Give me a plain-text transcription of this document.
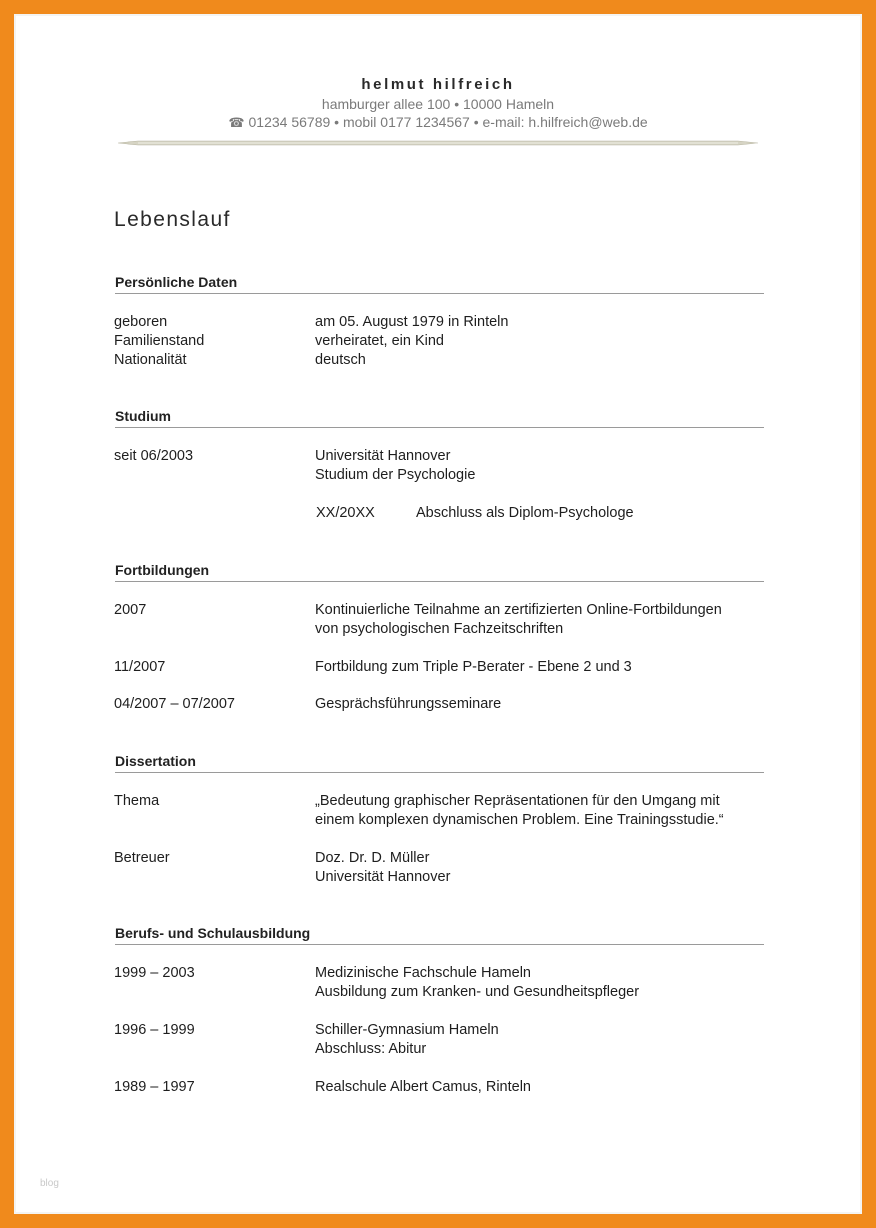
helmut hilfreich

hamburger allee 100 • 10000 Hameln
☎ 01234 56789 • mobil 0177 1234567 • e-mail: h.hilfreich@web.de
Lebenslauf
Persönliche Daten
geboren	am 05. August 1979 in Rinteln
Familienstand	verheiratet, ein Kind
Nationalität	deutsch
Studium
seit 06/2003	Universität Hannover
Studium der Psychologie
XX/20XX	Abschluss als Diplom-Psychologe
Fortbildungen
2007	Kontinuierliche Teilnahme an zertifizierten Online-Fortbildungen
von psychologischen Fachzeitschriften
11/2007	Fortbildung zum Triple P-Berater - Ebene 2 und 3
04/2007 – 07/2007	Gesprächsführungsseminare
Dissertation
Thema	„Bedeutung graphischer Repräsentationen für den Umgang mit
einem komplexen dynamischen Problem. Eine Trainingsstudie.“
Betreuer	Doz. Dr. D. Müller
Universität Hannover
Berufs- und Schulausbildung
1999 – 2003	Medizinische Fachschule Hameln
Ausbildung zum Kranken- und Gesundheitspfleger
1996 – 1999	Schiller-Gymnasium Hameln
Abschluss: Abitur
1989 – 1997	Realschule Albert Camus, Rinteln
blog
